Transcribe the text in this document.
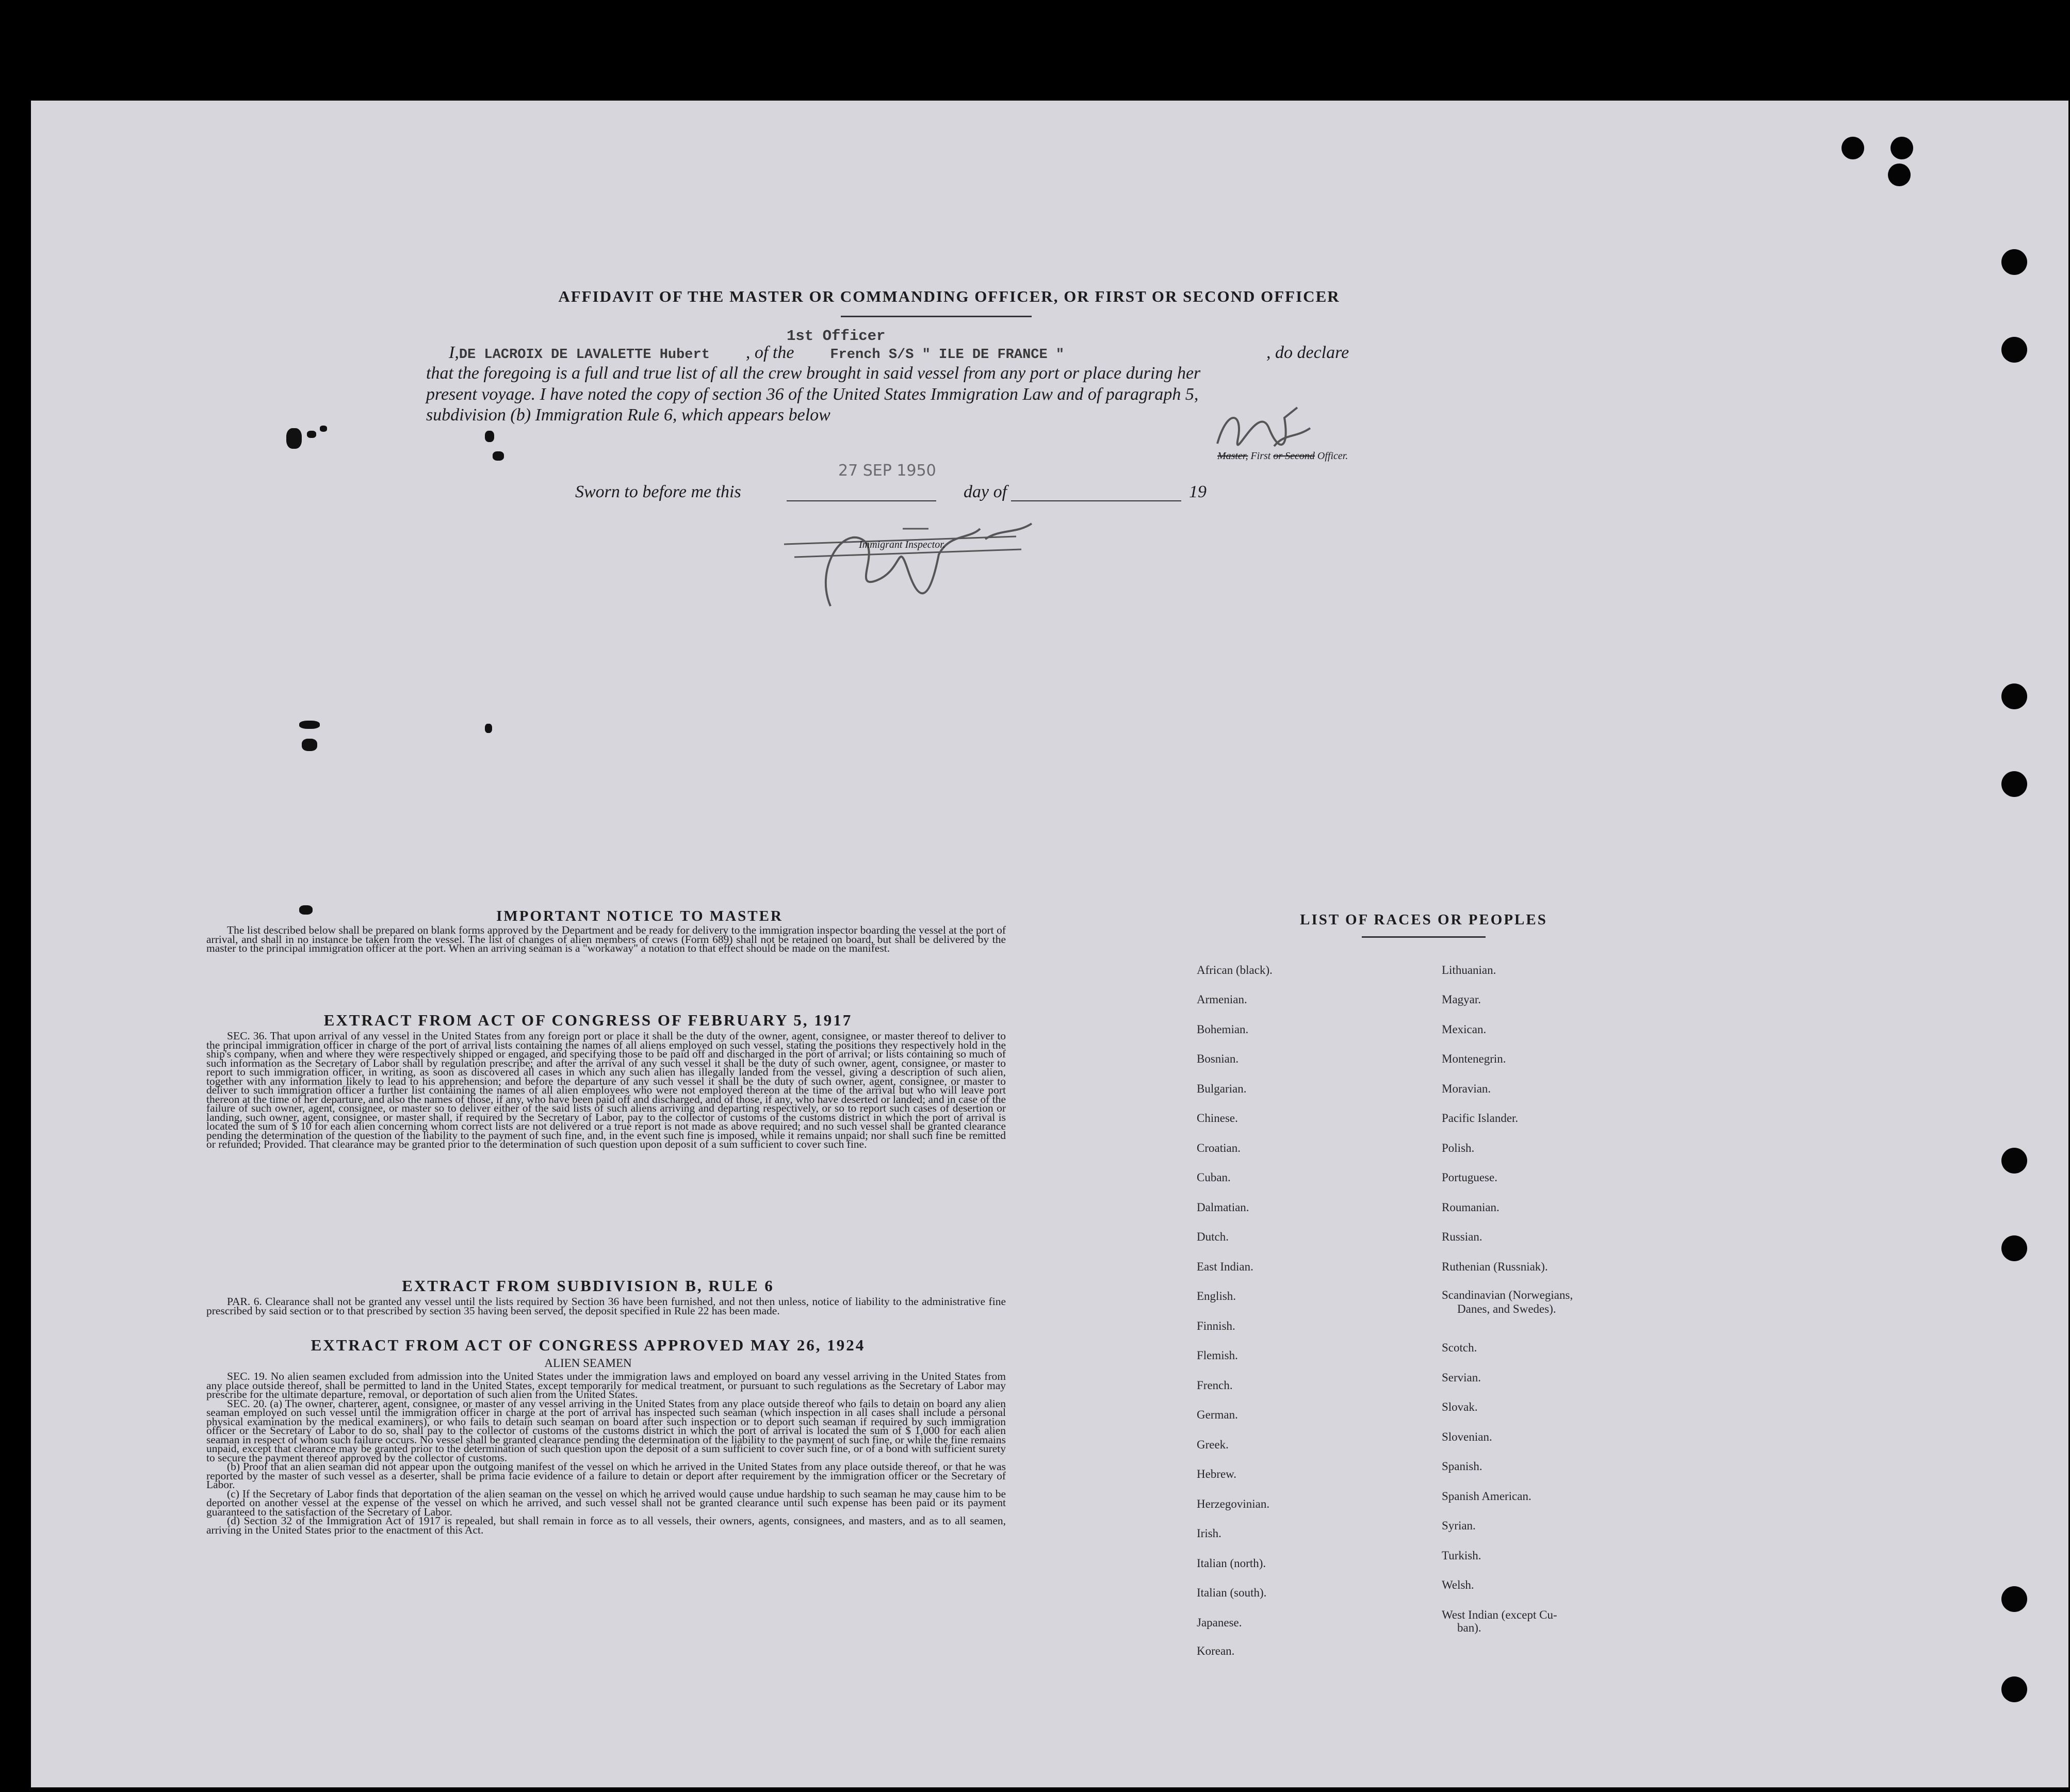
AFFIDAVIT OF THE MASTER OR COMMANDING OFFICER, OR FIRST OR SECOND OFFICER
1st Officer
I,DE LACROIX DE LAVALETTE Hubert , of the	French S/S " ILE DE FRANCE "	, do declare
that the foregoing is a full and true list of all the crew brought in said vessel from any port or place during her
present voyage. I have noted the copy of section 36 of the United States Immigration Law and of paragraph 5,
subdivision (b) Immigration Rule 6, which appears below
Master, First or Second Officer.
Sworn to before me this
27 SEP 1950
day of	19
Immigrant Inspector.
IMPORTANT NOTICE TO MASTER

The list described below shall be prepared on blank forms approved by the Department and be ready for delivery to the immigration inspector boarding the vessel at the port of arrival, and shall in no instance be taken from the vessel. The list of changes of alien members of crews (Form 689) shall not be retained on board, but shall be delivered by the master to the principal immigration officer at the port. When an arriving seaman is a "workaway" a notation to that effect should be made on the manifest.

EXTRACT FROM ACT OF CONGRESS OF FEBRUARY 5, 1917

SEC. 36. That upon arrival of any vessel in the United States from any foreign port or place it shall be the duty of the owner, agent, consignee, or master thereof to deliver to the principal immigration officer in charge of the port of arrival lists containing the names of all aliens employed on such vessel, stating the positions they respectively hold in the ship's company, when and where they were respectively shipped or engaged, and specifying those to be paid off and discharged in the port of arrival; or lists containing so much of such information as the Secretary of Labor shall by regulation prescribe; and after the arrival of any such vessel it shall be the duty of such owner, agent, consignee, or master to report to such immigration officer, in writing, as soon as discovered all cases in which any such alien has illegally landed from the vessel, giving a description of such alien, together with any information likely to lead to his apprehension; and before the departure of any such vessel it shall be the duty of such owner, agent, consignee, or master to deliver to such immigration officer a further list containing the names of all alien employees who were not employed thereon at the time of the arrival but who will leave port thereon at the time of her departure, and also the names of those, if any, who have been paid off and discharged, and of those, if any, who have deserted or landed; and in case of the failure of such owner, agent, consignee, or master so to deliver either of the said lists of such aliens arriving and departing respectively, or so to report such cases of desertion or landing, such owner, agent, consignee, or master shall, if required by the Secretary of Labor, pay to the collector of customs of the customs district in which the port of arrival is located the sum of $ 10 for each alien concerning whom correct lists are not delivered or a true report is not made as above required; and no such vessel shall be granted clearance pending the determination of the question of the liability to the payment of such fine, and, in the event such fine is imposed, while it remains unpaid; nor shall such fine be remitted or refunded; Provided. That clearance may be granted prior to the determination of such question upon deposit of a sum sufficient to cover such fine.

EXTRACT FROM SUBDIVISION B, RULE 6

PAR. 6. Clearance shall not be granted any vessel until the lists required by Section 36 have been furnished, and not then unless, notice of liability to the administrative fine prescribed by said section or to that prescribed by section 35 having been served, the deposit specified in Rule 22 has been made.

EXTRACT FROM ACT OF CONGRESS APPROVED MAY 26, 1924
ALIEN SEAMEN

SEC. 19. No alien seamen excluded from admission into the United States under the immigration laws and employed on board any vessel arriving in the United States from any place outside thereof, shall be permitted to land in the United States, except temporarily for medical treatment, or pursuant to such regulations as the Secretary of Labor may prescribe for the ultimate departure, removal, or deportation of such alien from the United States.

SEC. 20. (a) The owner, charterer, agent, consignee, or master of any vessel arriving in the United States from any place outside thereof who fails to detain on board any alien seaman employed on such vessel until the immigration officer in charge at the port of arrival has inspected such seaman (which inspection in all cases shall include a personal physical examination by the medical examiners), or who fails to detain such seaman on board after such inspection or to deport such seaman if required by such immigration officer or the Secretary of Labor to do so, shall pay to the collector of customs of the customs district in which the port of arrival is located the sum of $ 1,000 for each alien seaman in respect of whom such failure occurs. No vessel shall be granted clearance pending the determination of the liability to the payment of such fine, or while the fine remains unpaid, except that clearance may be granted prior to the determination of such question upon the deposit of a sum sufficient to cover such fine, or of a bond with sufficient surety to secure the payment thereof approved by the collector of customs.

(b) Proof that an alien seaman did not appear upon the outgoing manifest of the vessel on which he arrived in the United States from any place outside thereof, or that he was reported by the master of such vessel as a deserter, shall be prima facie evidence of a failure to detain or deport after requirement by the immigration officer or the Secretary of Labor.

(c) If the Secretary of Labor finds that deportation of the alien seaman on the vessel on which he arrived would cause undue hardship to such seaman he may cause him to be deported on another vessel at the expense of the vessel on which he arrived, and such vessel shall not be granted clearance until such expense has been paid or its payment guaranteed to the satisfaction of the Secretary of Labor.

(d) Section 32 of the Immigration Act of 1917 is repealed, but shall remain in force as to all vessels, their owners, agents, consignees, and masters, and as to all seamen, arriving in the United States prior to the enactment of this Act.

LIST OF RACES OR PEOPLES
African (black).
Armenian.
Bohemian.
Bosnian.
Bulgarian.
Chinese.
Croatian.
Cuban.
Dalmatian.
Dutch.
East Indian.
English.
Finnish.
Flemish.
French.
German.
Greek.
Hebrew.
Herzegovinian.
Irish.
Italian (north).
Italian (south).
Japanese.
Korean.
Lithuanian.
Magyar.
Mexican.
Montenegrin.
Moravian.
Pacific Islander.
Polish.
Portuguese.
Roumanian.
Russian.
Ruthenian (Russniak).
Scandinavian (Norwegians,
Danes, and Swedes).
Scotch.
Servian.
Slovak.
Slovenian.
Spanish.
Spanish American.
Syrian.
Turkish.
Welsh.
West Indian (except Cu-
ban).
